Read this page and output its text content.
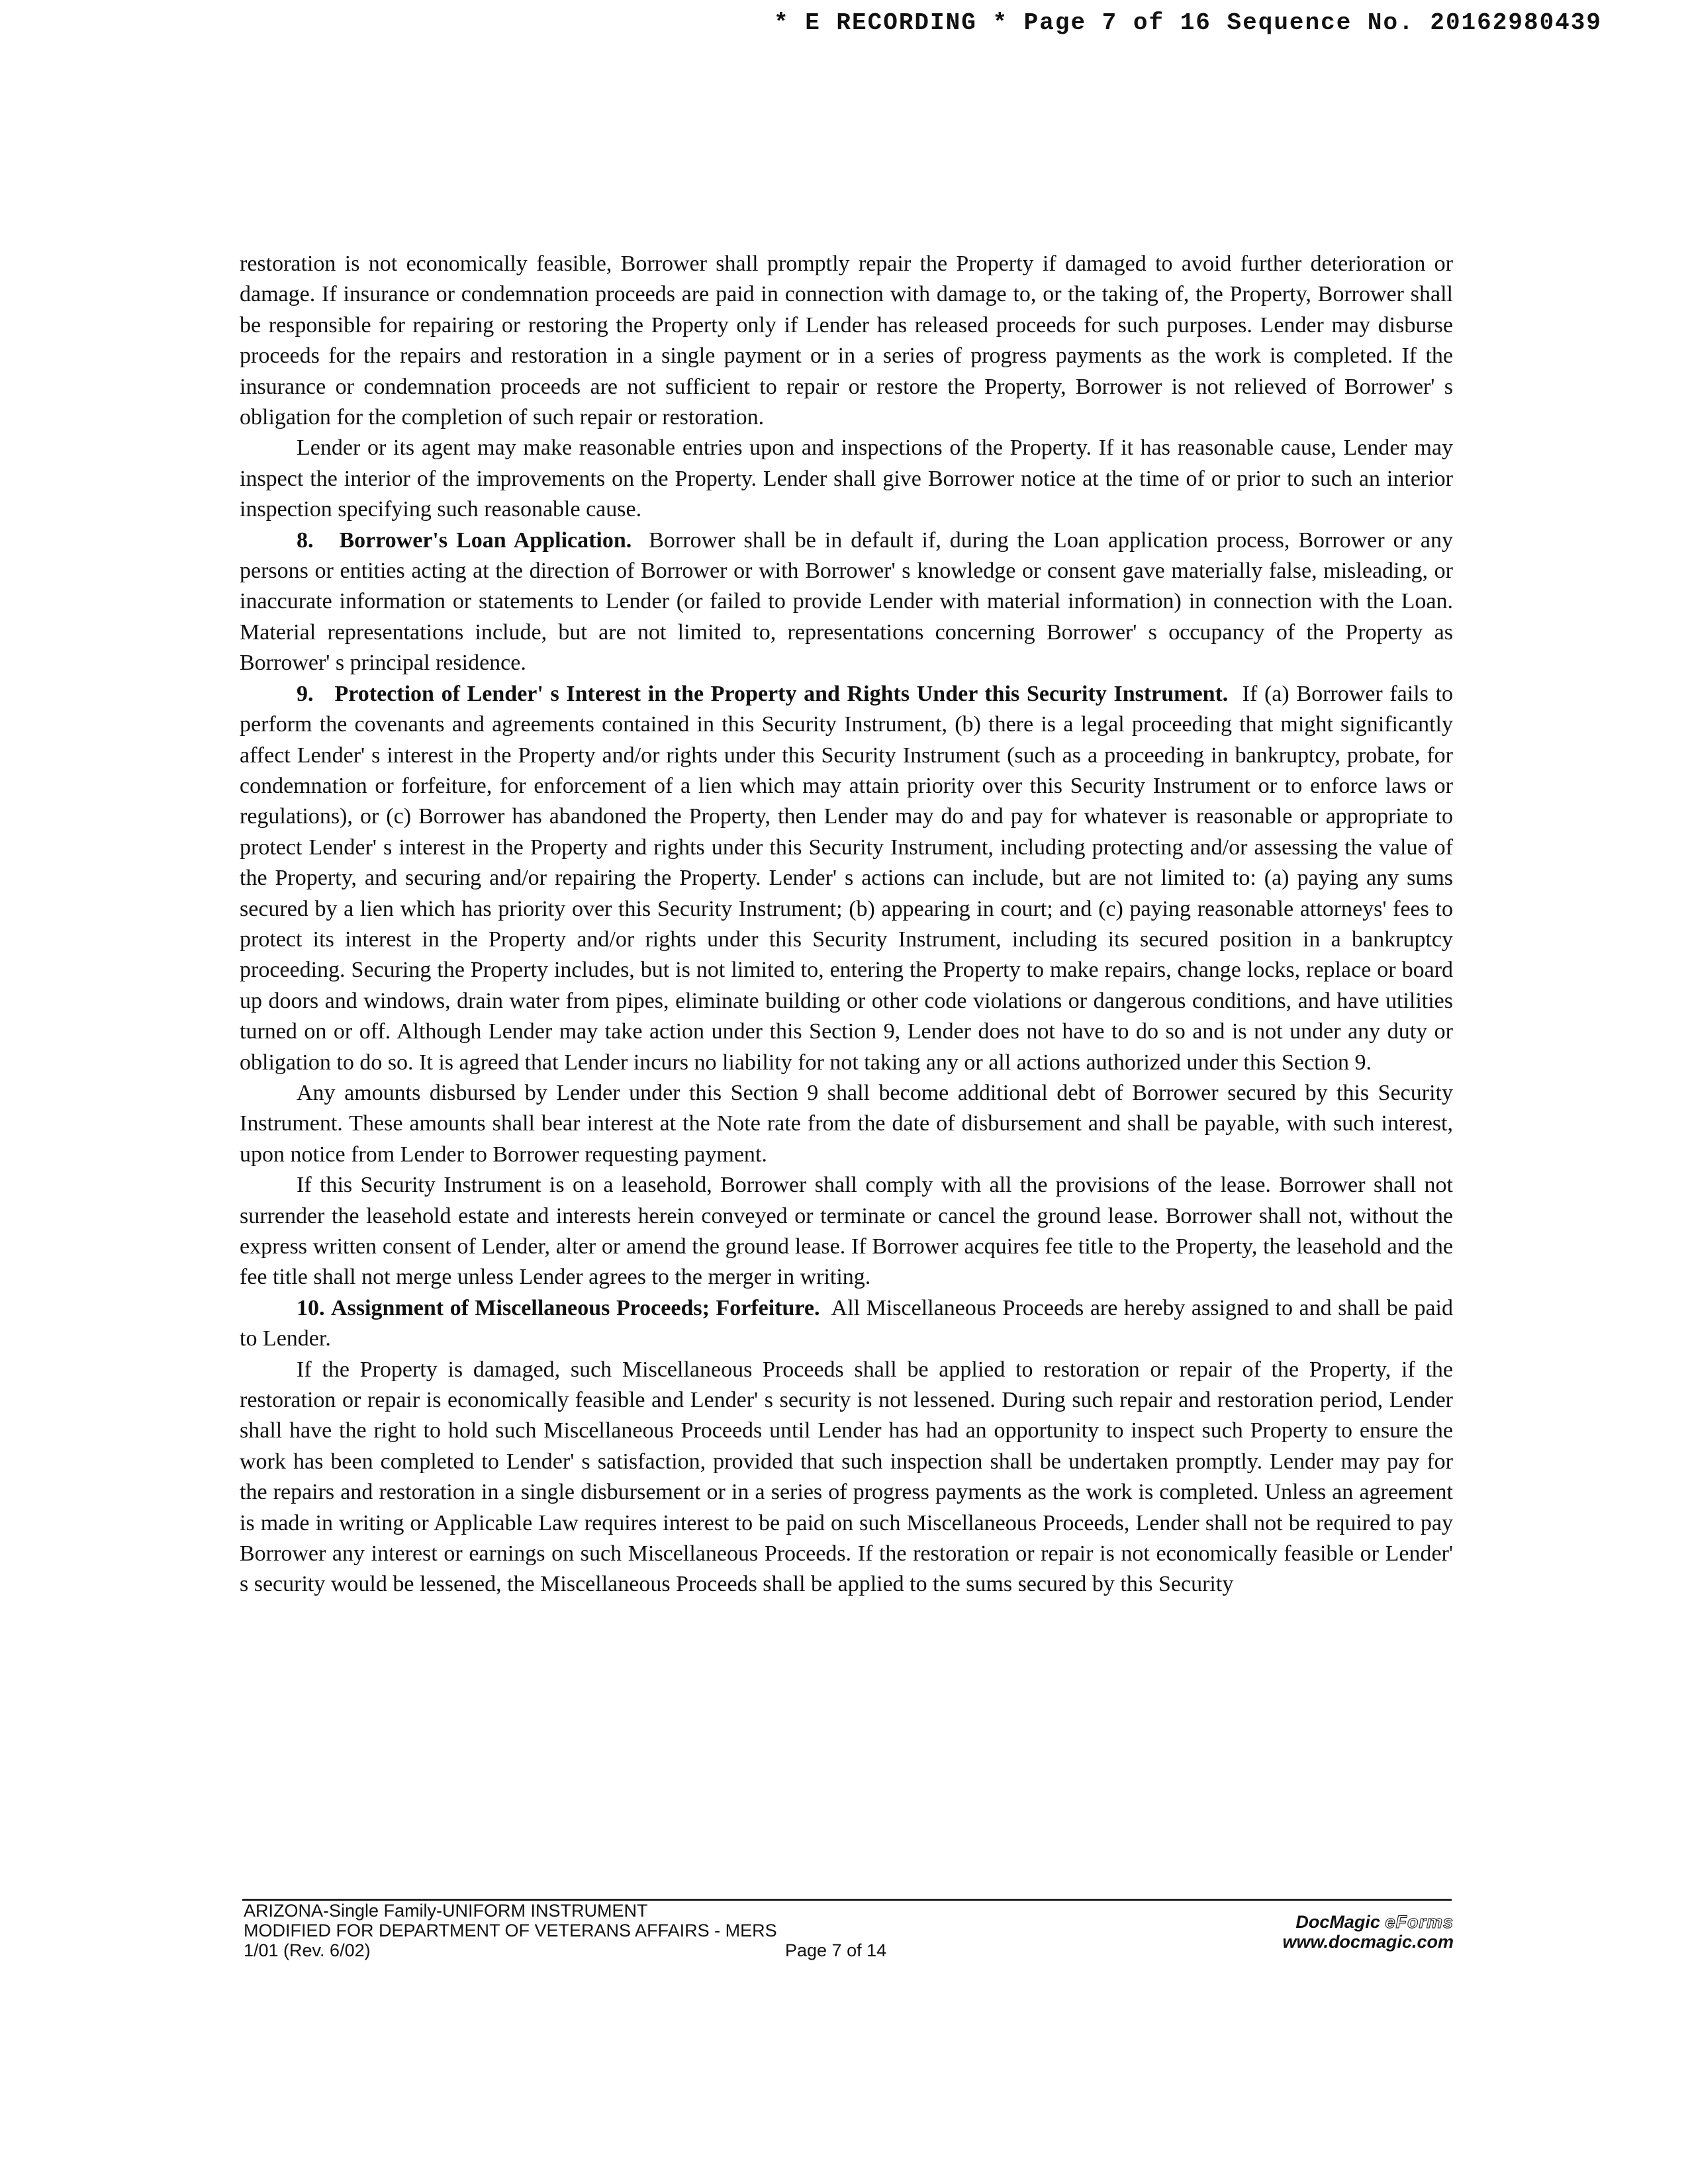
* E RECORDING * Page 7 of 16 Sequence No. 20162980439

restoration is not economically feasible, Borrower shall promptly repair the Property if damaged to avoid further deterioration or damage. If insurance or condemnation proceeds are paid in connection with damage to, or the taking of, the Property, Borrower shall be responsible for repairing or restoring the Property only if Lender has released proceeds for such purposes. Lender may disburse proceeds for the repairs and restoration in a single payment or in a series of progress payments as the work is completed. If the insurance or condemnation proceeds are not sufficient to repair or restore the Property, Borrower is not relieved of Borrower' s obligation for the completion of such repair or restoration.

Lender or its agent may make reasonable entries upon and inspections of the Property. If it has reasonable cause, Lender may inspect the interior of the improvements on the Property. Lender shall give Borrower notice at the time of or prior to such an interior inspection specifying such reasonable cause.

8. Borrower's Loan Application. Borrower shall be in default if, during the Loan application process, Borrower or any persons or entities acting at the direction of Borrower or with Borrower' s knowledge or consent gave materially false, misleading, or inaccurate information or statements to Lender (or failed to provide Lender with material information) in connection with the Loan. Material representations include, but are not limited to, representations concerning Borrower' s occupancy of the Property as Borrower' s principal residence.

9. Protection of Lender' s Interest in the Property and Rights Under this Security Instrument. If (a) Borrower fails to perform the covenants and agreements contained in this Security Instrument, (b) there is a legal proceeding that might significantly affect Lender' s interest in the Property and/or rights under this Security Instrument (such as a proceeding in bankruptcy, probate, for condemnation or forfeiture, for enforcement of a lien which may attain priority over this Security Instrument or to enforce laws or regulations), or (c) Borrower has abandoned the Property, then Lender may do and pay for whatever is reasonable or appropriate to protect Lender' s interest in the Property and rights under this Security Instrument, including protecting and/or assessing the value of the Property, and securing and/or repairing the Property. Lender' s actions can include, but are not limited to: (a) paying any sums secured by a lien which has priority over this Security Instrument; (b) appearing in court; and (c) paying reasonable attorneys' fees to protect its interest in the Property and/or rights under this Security Instrument, including its secured position in a bankruptcy proceeding. Securing the Property includes, but is not limited to, entering the Property to make repairs, change locks, replace or board up doors and windows, drain water from pipes, eliminate building or other code violations or dangerous conditions, and have utilities turned on or off. Although Lender may take action under this Section 9, Lender does not have to do so and is not under any duty or obligation to do so. It is agreed that Lender incurs no liability for not taking any or all actions authorized under this Section 9.

Any amounts disbursed by Lender under this Section 9 shall become additional debt of Borrower secured by this Security Instrument. These amounts shall bear interest at the Note rate from the date of disbursement and shall be payable, with such interest, upon notice from Lender to Borrower requesting payment.

If this Security Instrument is on a leasehold, Borrower shall comply with all the provisions of the lease. Borrower shall not surrender the leasehold estate and interests herein conveyed or terminate or cancel the ground lease. Borrower shall not, without the express written consent of Lender, alter or amend the ground lease. If Borrower acquires fee title to the Property, the leasehold and the fee title shall not merge unless Lender agrees to the merger in writing.

10. Assignment of Miscellaneous Proceeds; Forfeiture. All Miscellaneous Proceeds are hereby assigned to and shall be paid to Lender.

If the Property is damaged, such Miscellaneous Proceeds shall be applied to restoration or repair of the Property, if the restoration or repair is economically feasible and Lender' s security is not lessened. During such repair and restoration period, Lender shall have the right to hold such Miscellaneous Proceeds until Lender has had an opportunity to inspect such Property to ensure the work has been completed to Lender' s satisfaction, provided that such inspection shall be undertaken promptly. Lender may pay for the repairs and restoration in a single disbursement or in a series of progress payments as the work is completed. Unless an agreement is made in writing or Applicable Law requires interest to be paid on such Miscellaneous Proceeds, Lender shall not be required to pay Borrower any interest or earnings on such Miscellaneous Proceeds. If the restoration or repair is not economically feasible or Lender' s security would be lessened, the Miscellaneous Proceeds shall be applied to the sums secured by this Security

ARIZONA-Single Family-UNIFORM INSTRUMENT
MODIFIED FOR DEPARTMENT OF VETERANS AFFAIRS - MERS
1/01 (Rev. 6/02)	Page 7 of 14
DocMagic eForms
www.docmagic.com
